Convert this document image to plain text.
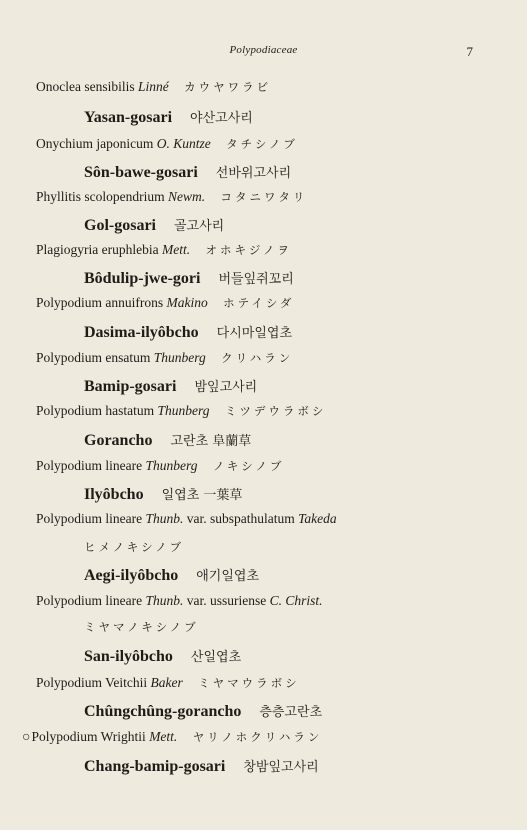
Polypodiaceae	7
Onoclea sensibilis Linné カウヤワラビ
Yasan-gosari 야산고사리
Onychium japonicum O. Kuntze タチシノブ
Sôn-bawe-gosari 선바위고사리
Phyllitis scolopendrium Newm. コタニワタリ
Gol-gosari 골고사리
Plagiogyria eruphlebia Mett. オホキジノヲ
Bôdulip-jwe-gori 버들잎쥐꼬리
Polypodium annuifrons Makino ホテイシダ
Dasima-ilyôbcho 다시마일엽초
Polypodium ensatum Thunberg クリハラン
Bamip-gosari 밤잎고사리
Polypodium hastatum Thunberg ミツデウラボシ
Gorancho 고란초 阜蘭草
Polypodium lineare Thunberg ノキシノブ
Ilyôbcho 일엽초 一葉草
Polypodium lineare Thunb. var. subspathulatum Takeda
ヒメノキシノブ
Aegi-ilyôbcho 애기일엽초
Polypodium lineare Thunb. var. ussuriense C. Christ.
ミヤマノキシノブ
San-ilyôbcho 산일엽초
Polypodium Veitchii Baker ミヤマウラボシ
Chûngchûng-gorancho 층층고란초
○Polypodium Wrightii Mett. ヤリノホクリハラン
Chang-bamip-gosari 창밤잎고사리
